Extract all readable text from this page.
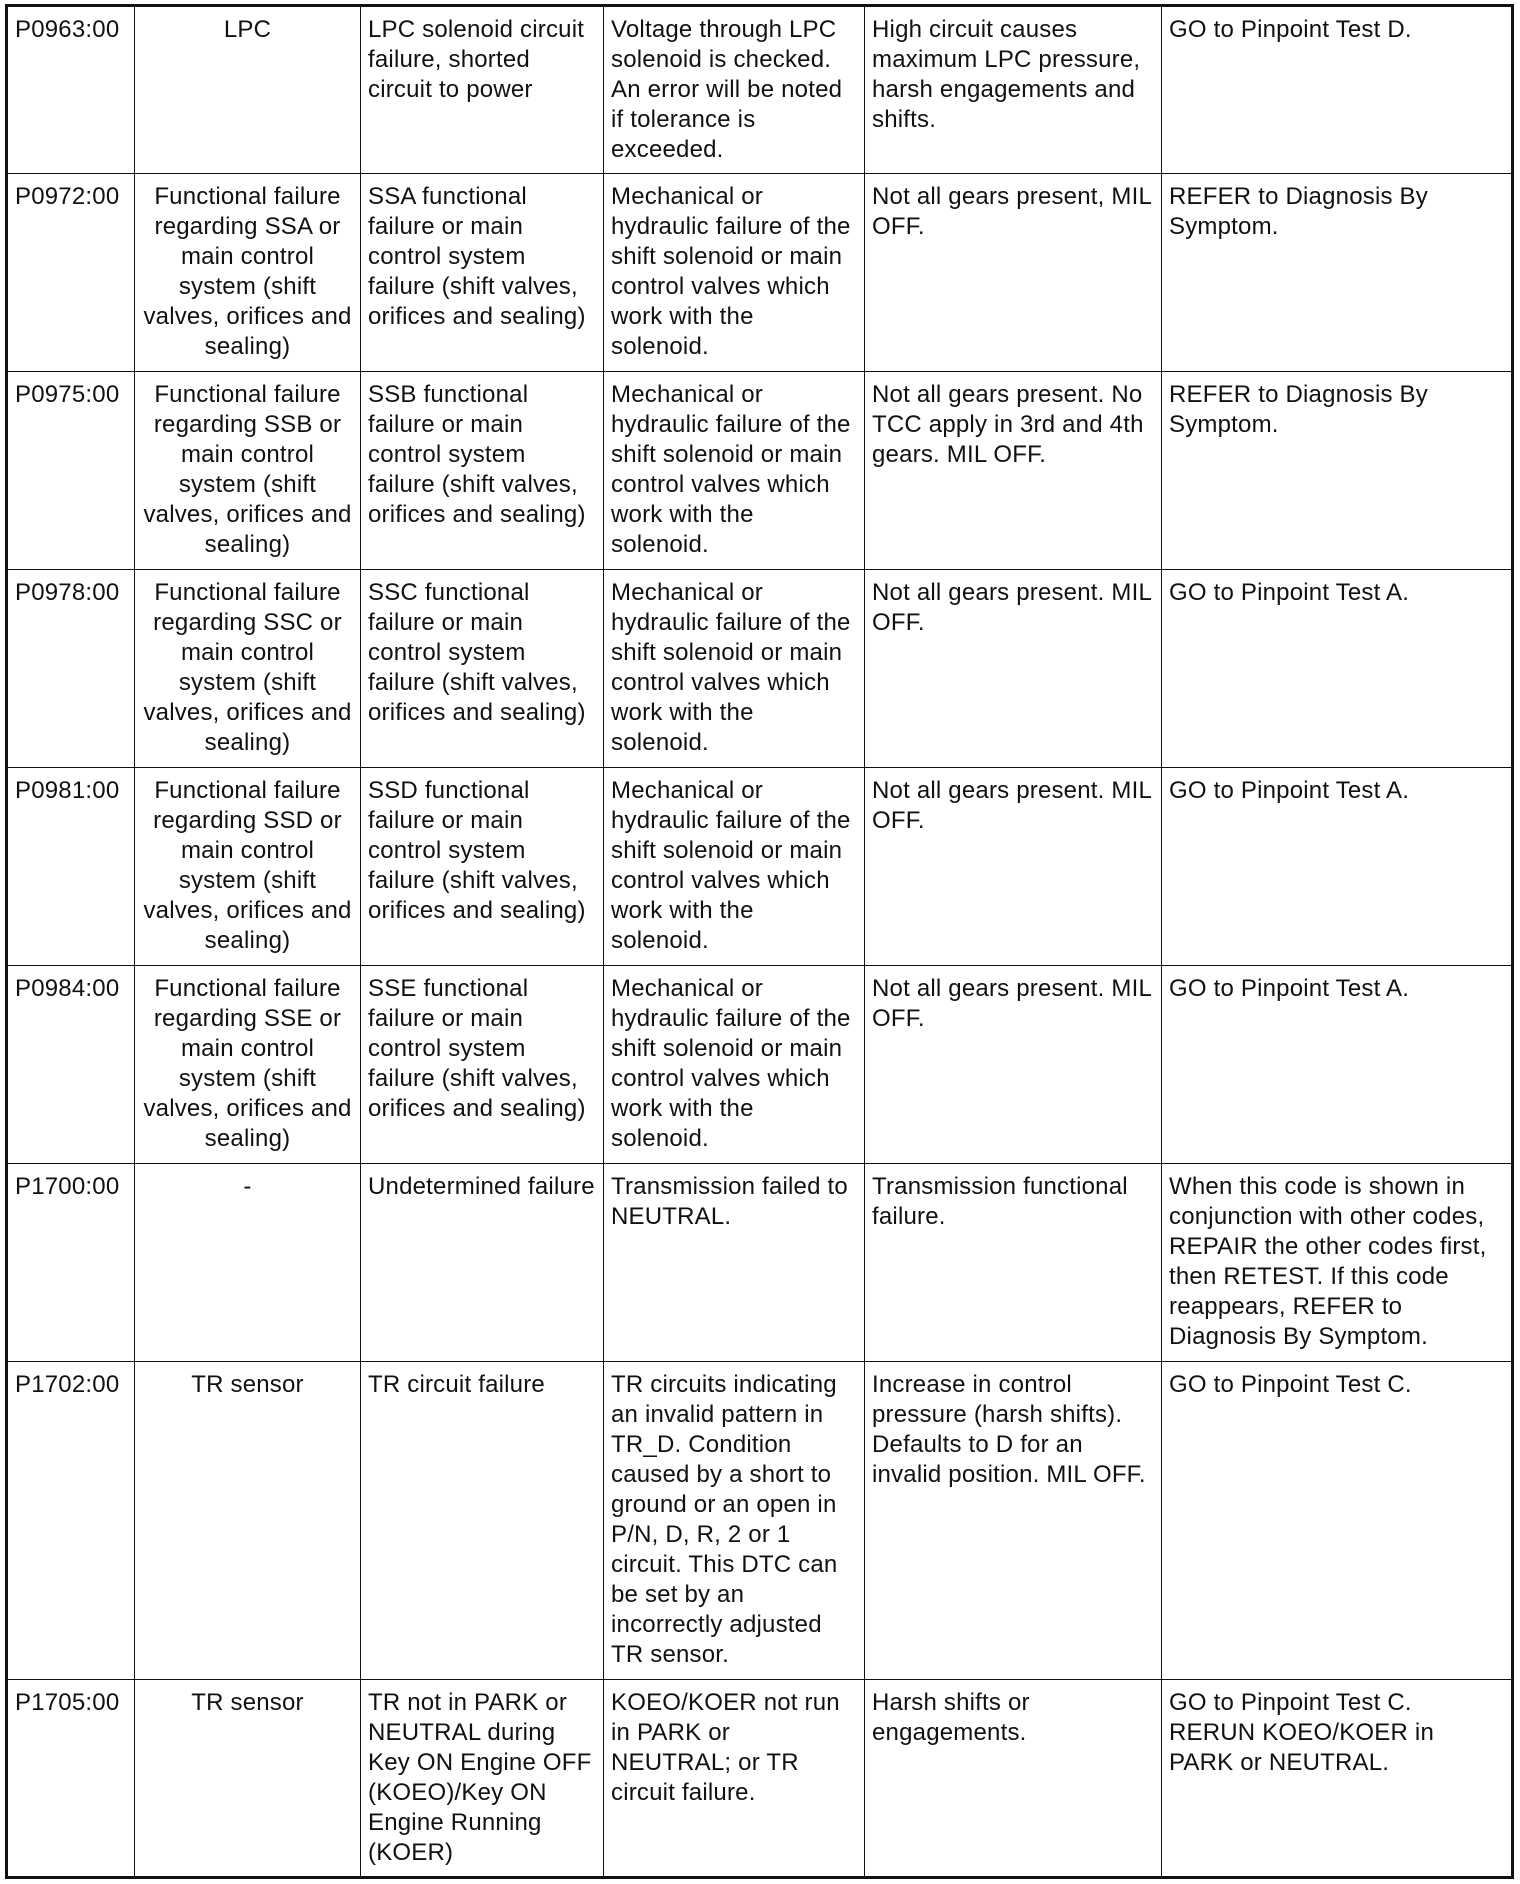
P0963:00	LPC	LPC solenoid circuit failure, shorted circuit to power	Voltage through LPC solenoid is checked. An error will be noted if tolerance is exceeded.	High circuit causes maximum LPC pressure, harsh engagements and shifts.	GO to Pinpoint Test D.
P0972:00	Functional failure regarding SSA or main control system (shift valves, orifices and sealing)	SSA functional failure or main control system failure (shift valves, orifices and sealing)	Mechanical or hydraulic failure of the shift solenoid or main control valves which work with the solenoid.	Not all gears present, MIL OFF.	REFER to Diagnosis By Symptom.
P0975:00	Functional failure regarding SSB or main control system (shift valves, orifices and sealing)	SSB functional failure or main control system failure (shift valves, orifices and sealing)	Mechanical or hydraulic failure of the shift solenoid or main control valves which work with the solenoid.	Not all gears present. No TCC apply in 3rd and 4th gears. MIL OFF.	REFER to Diagnosis By Symptom.
P0978:00	Functional failure regarding SSC or main control system (shift valves, orifices and sealing)	SSC functional failure or main control system failure (shift valves, orifices and sealing)	Mechanical or hydraulic failure of the shift solenoid or main control valves which work with the solenoid.	Not all gears present. MIL OFF.	GO to Pinpoint Test A.
P0981:00	Functional failure regarding SSD or main control system (shift valves, orifices and sealing)	SSD functional failure or main control system failure (shift valves, orifices and sealing)	Mechanical or hydraulic failure of the shift solenoid or main control valves which work with the solenoid.	Not all gears present. MIL OFF.	GO to Pinpoint Test A.
P0984:00	Functional failure regarding SSE or main control system (shift valves, orifices and sealing)	SSE functional failure or main control system failure (shift valves, orifices and sealing)	Mechanical or hydraulic failure of the shift solenoid or main control valves which work with the solenoid.	Not all gears present. MIL OFF.	GO to Pinpoint Test A.
P1700:00	-	Undetermined failure	Transmission failed to NEUTRAL.	Transmission functional failure.	When this code is shown in conjunction with other codes, REPAIR the other codes first, then RETEST. If this code reappears, REFER to Diagnosis By Symptom.
P1702:00	TR sensor	TR circuit failure	TR circuits indicating an invalid pattern in TR_D. Condition caused by a short to ground or an open in P/N, D, R, 2 or 1 circuit. This DTC can be set by an incorrectly adjusted TR sensor.	Increase in control pressure (harsh shifts). Defaults to D for an invalid position. MIL OFF.	GO to Pinpoint Test C.
P1705:00	TR sensor	TR not in PARK or NEUTRAL during Key ON Engine OFF (KOEO)/Key ON Engine Running (KOER)	KOEO/KOER not run in PARK or NEUTRAL; or TR circuit failure.	Harsh shifts or engagements.	GO to Pinpoint Test C. RERUN KOEO/KOER in PARK or NEUTRAL.
